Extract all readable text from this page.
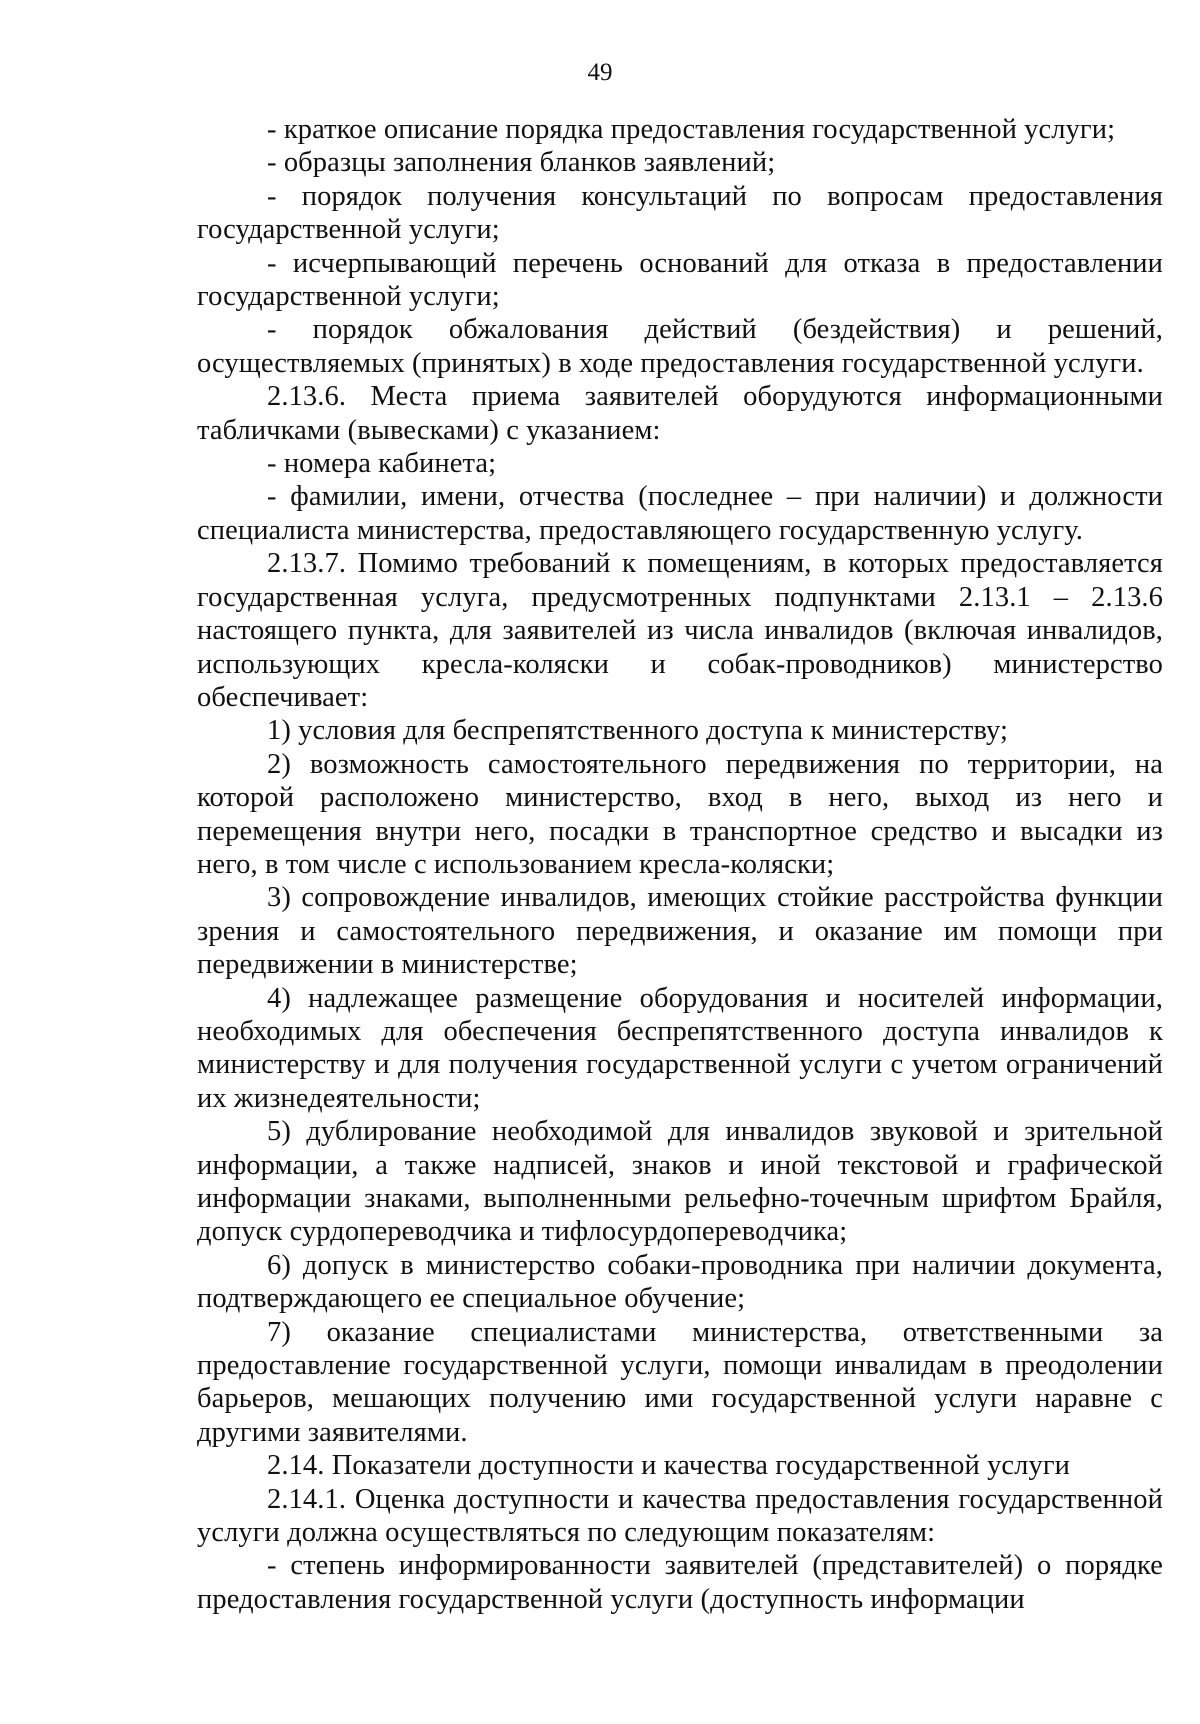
49

- краткое описание порядка предоставления государственной услуги;

- образцы заполнения бланков заявлений;

- порядок получения консультаций по вопросам предоставления государственной услуги;

- исчерпывающий перечень оснований для отказа в предоставлении государственной услуги;

- порядок обжалования действий (бездействия) и решений, осуществляемых (принятых) в ходе предоставления государственной услуги.

2.13.6. Места приема заявителей оборудуются информационными табличками (вывесками) с указанием:

- номера кабинета;

- фамилии, имени, отчества (последнее – при наличии) и должности специалиста министерства, предоставляющего государственную услугу.

2.13.7. Помимо требований к помещениям, в которых предоставляется государственная услуга, предусмотренных подпунктами 2.13.1 – 2.13.6 настоящего пункта, для заявителей из числа инвалидов (включая инвалидов, использующих кресла-коляски и собак-проводников) министерство обеспечивает:

1) условия для беспрепятственного доступа к министерству;

2) возможность самостоятельного передвижения по территории, на которой расположено министерство, вход в него, выход из него и перемещения внутри него, посадки в транспортное средство и высадки из него, в том числе с использованием кресла-коляски;

3) сопровождение инвалидов, имеющих стойкие расстройства функции зрения и самостоятельного передвижения, и оказание им помощи при передвижении в министерстве;

4) надлежащее размещение оборудования и носителей информации, необходимых для обеспечения беспрепятственного доступа инвалидов к министерству и для получения государственной услуги с учетом ограничений их жизнедеятельности;

5) дублирование необходимой для инвалидов звуковой и зрительной информации, а также надписей, знаков и иной текстовой и графической информации знаками, выполненными рельефно-точечным шрифтом Брайля, допуск сурдопереводчика и тифлосурдопереводчика;

6) допуск в министерство собаки-проводника при наличии документа, подтверждающего ее специальное обучение;

7) оказание специалистами министерства, ответственными за предоставление государственной услуги, помощи инвалидам в преодолении барьеров, мешающих получению ими государственной услуги наравне с другими заявителями.

2.14. Показатели доступности и качества государственной услуги

2.14.1. Оценка доступности и качества предоставления государственной услуги должна осуществляться по следующим показателям:

- степень информированности заявителей (представителей) о порядке предоставления государственной услуги (доступность информации
